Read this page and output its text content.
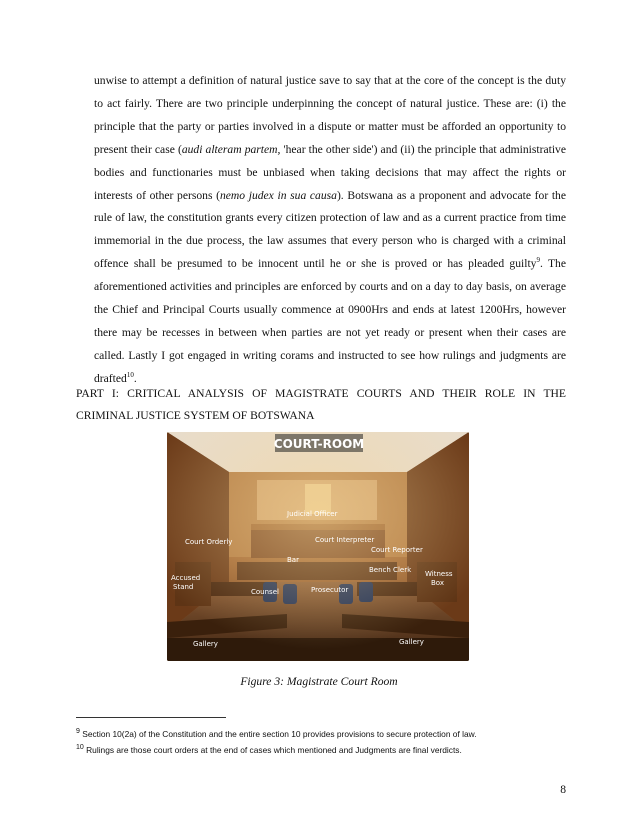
unwise to attempt a definition of natural justice save to say that at the core of the concept is the duty to act fairly. There are two principle underpinning the concept of natural justice. These are: (i) the principle that the party or parties involved in a dispute or matter must be afforded an opportunity to present their case (audi alteram partem, 'hear the other side') and (ii) the principle that administrative bodies and functionaries must be unbiased when taking decisions that may affect the rights or interests of other persons (nemo judex in sua causa). Botswana as a proponent and advocate for the rule of law, the constitution grants every citizen protection of law and as a current practice from time immemorial in the due process, the law assumes that every person who is charged with a criminal offence shall be presumed to be innocent until he or she is proved or has pleaded guilty$^9$. The aforementioned activities and principles are enforced by courts and on a day to day basis, on average the Chief and Principal Courts usually commence at 0900Hrs and ends at latest 1200Hrs, however there may be recesses in between when parties are not yet ready or present when their cases are called. Lastly I got engaged in writing corams and instructed to see how rulings and judgments are drafted$^{10}$.

PART I: CRITICAL ANALYSIS OF MAGISTRATE COURTS AND THEIR ROLE IN THE CRIMINAL JUSTICE SYSTEM OF BOTSWANA
COURT-ROOM
Judicial Officer
Court Orderly	Court Interpreter
Court Reporter
Bar
Accused
Stand
Counsel	Prosecutor
Bench Clerk Witness
Box
Gallery	Gallery
Figure 3: Magistrate Court Room
$^9$ Section 10(2a) of the Constitution and the entire section 10 provides provisions to secure protection of law.
$^{10}$ Rulings are those court orders at the end of cases which mentioned and Judgments are final verdicts.
8
